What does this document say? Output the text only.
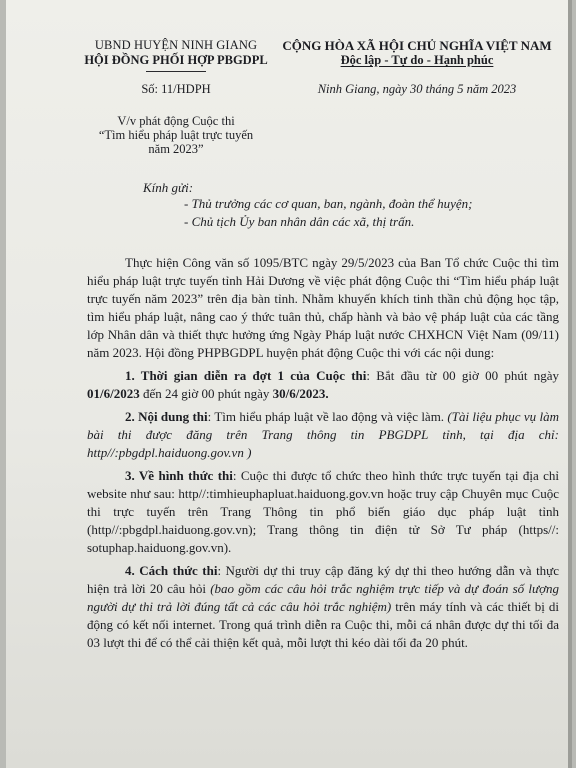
UBND HUYỆN NINH GIANG
HỘI ĐỒNG PHỐI HỢP PBGDPL
CỘNG HÒA XÃ HỘI CHỦ NGHĨA VIỆT NAM
Độc lập - Tự do - Hạnh phúc
Số: 11/HDPH	Ninh Giang, ngày 30 tháng 5 năm 2023
V/v phát động Cuộc thi
“Tìm hiểu pháp luật trực tuyến
năm 2023”
Kính gửi:
- Thủ trưởng các cơ quan, ban, ngành, đoàn thể huyện;
- Chủ tịch Ủy ban nhân dân các xã, thị trấn.

Thực hiện Công văn số 1095/BTC ngày 29/5/2023 của Ban Tổ chức Cuộc thi tìm hiểu pháp luật trực tuyến tỉnh Hải Dương về việc phát động Cuộc thi “Tìm hiểu pháp luật trực tuyến năm 2023” trên địa bàn tỉnh. Nhằm khuyến khích tinh thần chủ động học tập, tìm hiểu pháp luật, nâng cao ý thức tuân thủ, chấp hành và bảo vệ pháp luật của các tầng lớp Nhân dân và thiết thực hưởng ứng Ngày Pháp luật nước CHXHCN Việt Nam (09/11) năm 2023. Hội đồng PHPBGDPL huyện phát động Cuộc thi với các nội dung:

1. Thời gian diễn ra đợt 1 của Cuộc thi: Bắt đầu từ 00 giờ 00 phút ngày 01/6/2023 đến 24 giờ 00 phút ngày 30/6/2023.

2. Nội dung thi: Tìm hiểu pháp luật về lao động và việc làm. (Tài liệu phục vụ làm bài thi được đăng trên Trang thông tin PBGDPL tỉnh, tại địa chỉ: http//:pbgdpl.haiduong.gov.vn )

3. Về hình thức thi: Cuộc thi được tổ chức theo hình thức trực tuyến tại địa chỉ website như sau: http//:timhieuphapluat.haiduong.gov.vn hoặc truy cập Chuyên mục Cuộc thi trực tuyến trên Trang Thông tin phổ biến giáo dục pháp luật tỉnh (http//:pbgdpl.haiduong.gov.vn); Trang thông tin điện tử Sở Tư pháp (https//: sotuphap.haiduong.gov.vn).

4. Cách thức thi: Người dự thi truy cập đăng ký dự thi theo hướng dẫn và thực hiện trả lời 20 câu hỏi (bao gồm các câu hỏi trắc nghiệm trực tiếp và dự đoán số lượng người dự thi trả lời đúng tất cả các câu hỏi trắc nghiệm) trên máy tính và các thiết bị di động có kết nối internet. Trong quá trình diễn ra Cuộc thi, mỗi cá nhân được dự thi tối đa 03 lượt thi để có thể cải thiện kết quả, mỗi lượt thi kéo dài tối đa 20 phút.
